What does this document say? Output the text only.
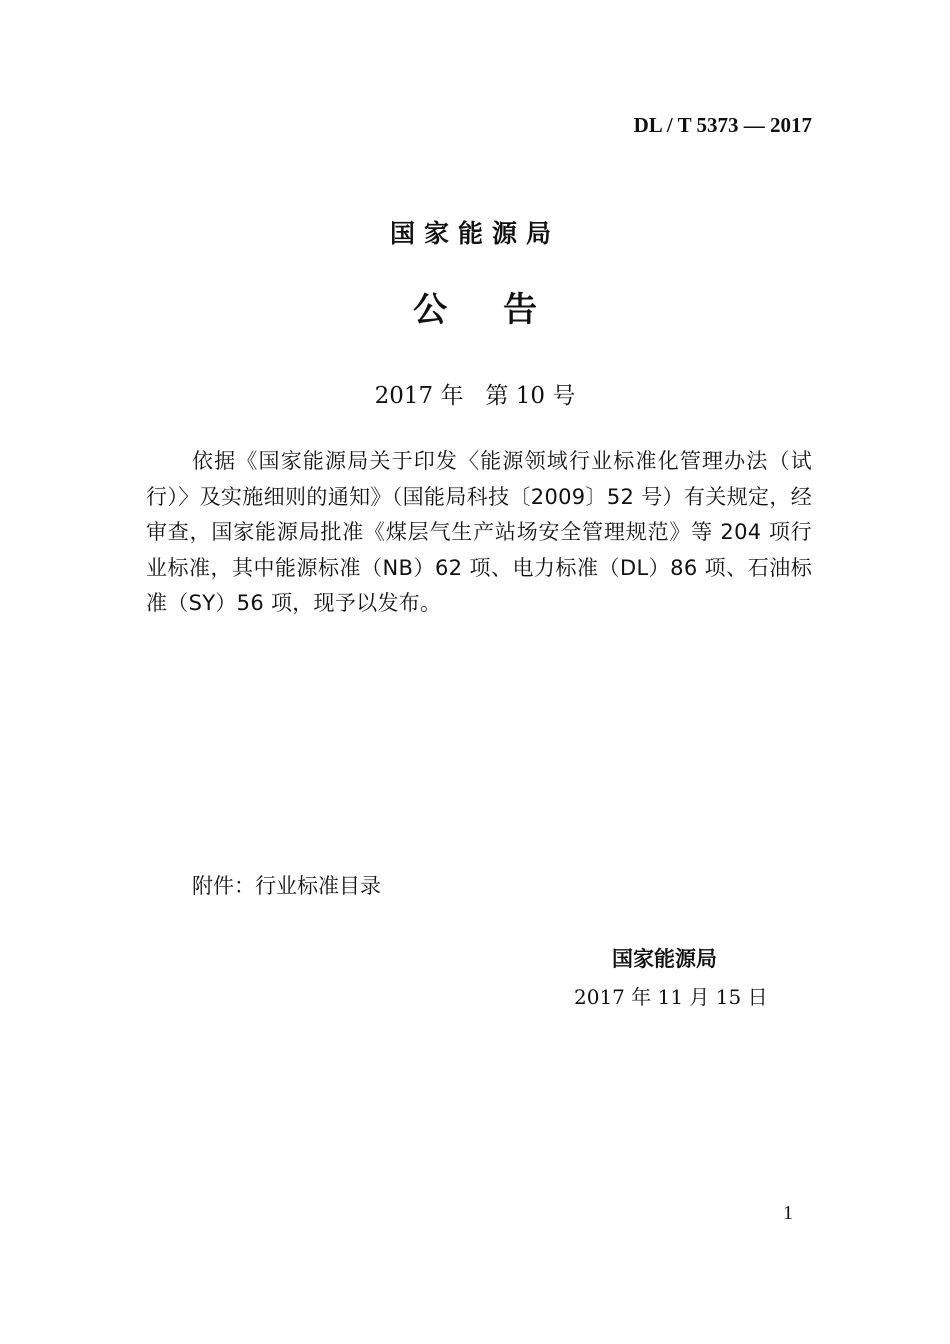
DL / T 5373 — 2017
国家能源局
公告
2017 年   第 10 号
依据《国家能源局关于印发〈能源领域行业标准化管理办法（试行）〉及实施细则的通知》（国能局科技〔2009〕52 号）有关规定，经审查，国家能源局批准《煤层气生产站场安全管理规范》等 204 项行业标准，其中能源标准（NB）62 项、电力标准（DL）86 项、石油标准（SY）56 项，现予以发布。
附件：行业标准目录
国家能源局
2017 年 11 月 15 日
1
